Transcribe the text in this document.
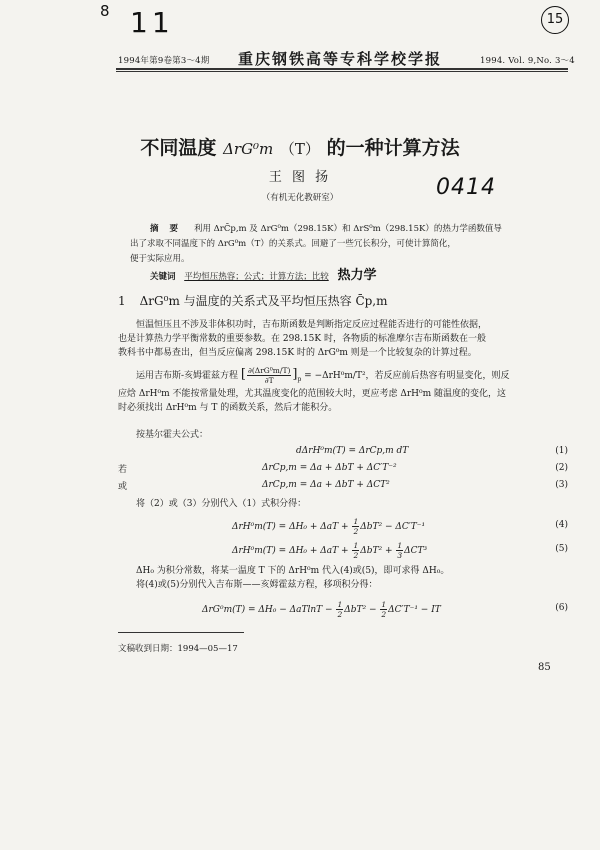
8 11	15
0414
1994年第9卷第3～4期 重庆钢铁高等专科学校学报	1994. Vol. 9,No. 3～4
不同温度 ΔrG⁰m （T） 的一种计算方法
王 图 扬
（有机无化教研室）
摘 要 利用 ΔrC̄p,m 及 ΔrG⁰m（298.15K）和 ΔrS⁰m（298.15K）的热力学函数值导
出了求取不同温度下的 ΔrG⁰m（T）的关系式。回避了一些冗长积分，可使计算简化，
便于实际应用。
关键词 平均恒压热容；公式；计算方法；比较 热力学
1 ΔrG⁰m 与温度的关系式及平均恒压热容 C̄p,m
恒温恒压且不涉及非体积功时，吉布斯函数是判断指定反应过程能否进行的可能性依据，
也是计算热力学平衡常数的重要参数。在 298.15K 时，各物质的标准摩尔吉布斯函数在一般
教科书中都易查出，但当反应偏离 298.15K 时的 ΔrG⁰m 则是一个比较复杂的计算过程。
运用吉布斯-亥姆霍兹方程 [ $\frac{\text{∂(ΔrG⁰m/T)}}{\partial T} ]_p = -\Delta rH^0m/T^2$，若反应前后热容有明显变化，则反
应焓 ΔrH⁰m 不能按常量处理，尤其温度变化的范围较大时，更应考虑 ΔrH⁰m 随温度的变化，这
时必须找出 ΔrH⁰m 与 T 的函数关系，然后才能积分。
按基尔霍夫公式：
dΔrH⁰m(T) = ΔrCp,m dT	(1)
若	ΔrCp,m = Δa + ΔbT + ΔC′T⁻²	(2)
或	ΔrCp,m = Δa + ΔbT + ΔCT²	(3)
将（2）或（3）分别代入（1）式积分得：
$\Delta rH^0m(T) = \Delta H_0 + \Delta aT + \frac{1}{2} \Delta bT^2 - \Delta C'T^{-1}$	(4)
$\Delta rH^0m(T) = \Delta H_0 + \Delta aT + \frac{1}{2} \Delta bT^2 + \frac{1}{3} \Delta CT^3$	(5)
ΔH₀ 为积分常数，将某一温度 T 下的 ΔrH⁰m 代入(4)或(5)，即可求得 ΔH₀。
将(4)或(5)分别代入吉布斯——亥姆霍兹方程，移项积分得：
$\Delta rG^0m(T) = \Delta H_0 - \Delta aTlnT - \frac{1}{2} \Delta bT^2 - \frac{1}{2} \Delta C'T^{-1}$ − IT	(6)
文稿收到日期：1994—05—17
85
